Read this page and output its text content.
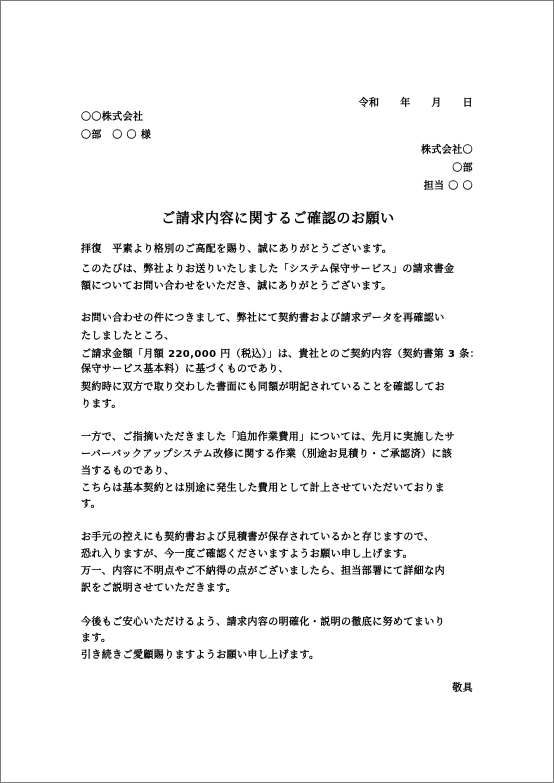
令和　　年　　月　　日
〇〇株式会社
〇部　〇 〇 様
株式会社〇
〇部
担当 〇 〇
ご請求内容に関するご確認のお願い
拝復　平素より格別のご高配を賜り、誠にありがとうございます。
このたびは、弊社よりお送りいたしました「システム保守サービス」の請求書金
額についてお問い合わせをいただき、誠にありがとうございます。
お問い合わせの件につきまして、弊社にて契約書および請求データを再確認い
たしましたところ、
ご請求金額「月額 220,000 円（税込）」は、貴社とのご契約内容（契約書第 3 条：
保守サービス基本料）に基づくものであり、
契約時に双方で取り交わした書面にも同額が明記されていることを確認してお
ります。
一方で、ご指摘いただきました「追加作業費用」については、先月に実施したサ
ーバーバックアップシステム改修に関する作業（別途お見積り・ご承認済）に該
当するものであり、
こちらは基本契約とは別途に発生した費用として計上させていただいておりま
す。
お手元の控えにも契約書および見積書が保存されているかと存じますので、
恐れ入りますが、今一度ご確認くださいますようお願い申し上げます。
万一、内容に不明点やご不納得の点がございましたら、担当部署にて詳細な内
訳をご説明させていただきます。
今後もご安心いただけるよう、請求内容の明確化・説明の徹底に努めてまいり
ます。
引き続きご愛顧賜りますようお願い申し上げます。
敬具
